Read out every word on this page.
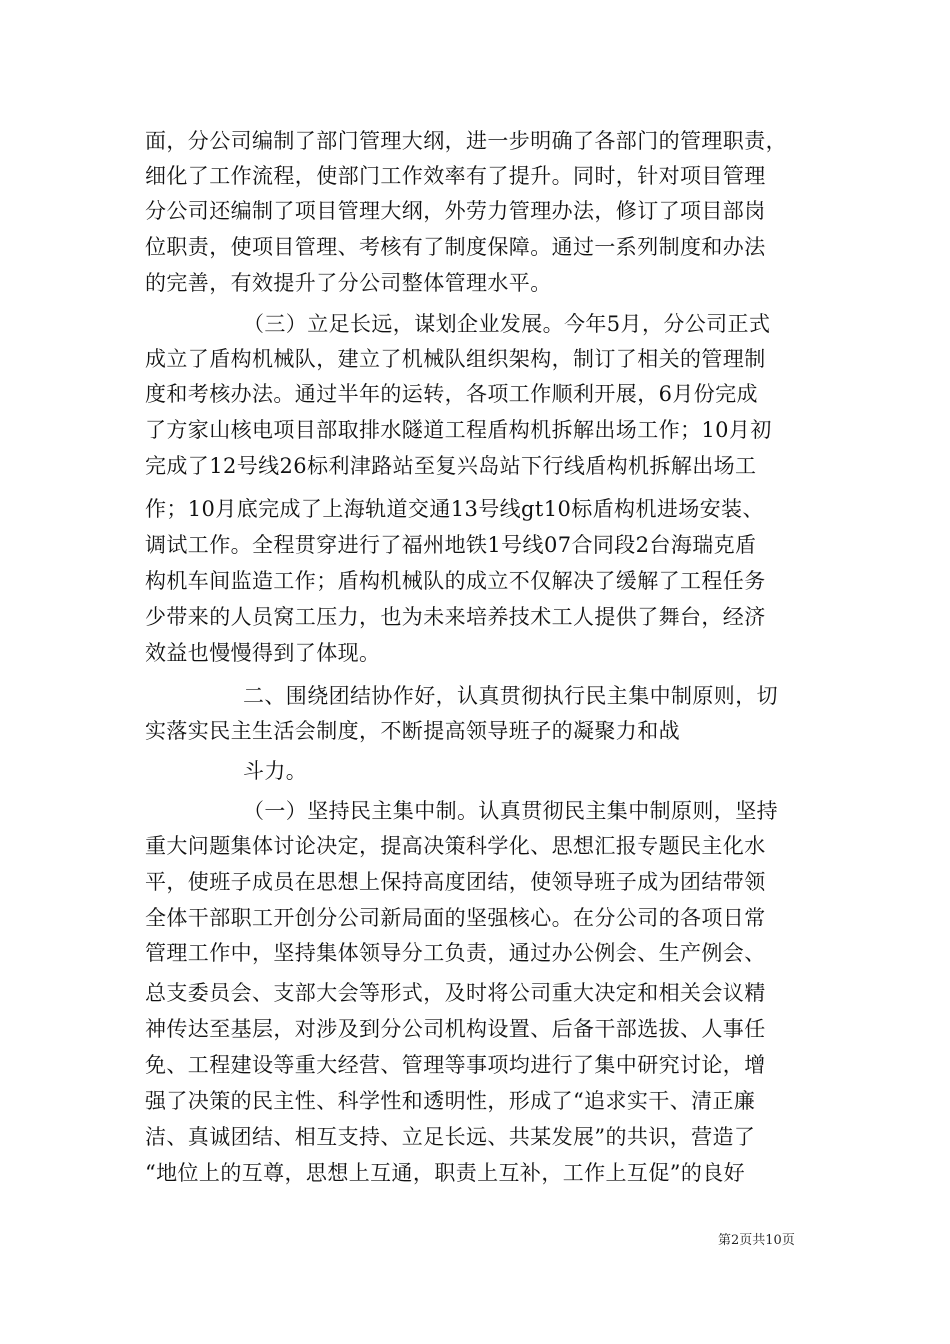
面，分公司编制了部门管理大纲，进一步明确了各部门的管理职责，
细化了工作流程，使部门工作效率有了提升。同时，针对项目管理
分公司还编制了项目管理大纲，外劳力管理办法，修订了项目部岗
位职责，使项目管理、考核有了制度保障。通过一系列制度和办法
的完善，有效提升了分公司整体管理水平。
（三）立足长远，谋划企业发展。今年5月，分公司正式
成立了盾构机械队，建立了机械队组织架构，制订了相关的管理制
度和考核办法。通过半年的运转，各项工作顺利开展，6月份完成
了方家山核电项目部取排水隧道工程盾构机拆解出场工作；10月初
完成了12号线26标利津路站至复兴岛站下行线盾构机拆解出场工
作；10月底完成了上海轨道交通13号线gt10标盾构机进场安装、
调试工作。全程贯穿进行了福州地铁1号线07合同段2台海瑞克盾
构机车间监造工作；盾构机械队的成立不仅解决了缓解了工程任务
少带来的人员窝工压力，也为未来培养技术工人提供了舞台，经济
效益也慢慢得到了体现。
二、围绕团结协作好，认真贯彻执行民主集中制原则，切
实落实民主生活会制度，不断提高领导班子的凝聚力和战
斗力。
（一）坚持民主集中制。认真贯彻民主集中制原则，坚持
重大问题集体讨论决定，提高决策科学化、思想汇报专题民主化水
平，使班子成员在思想上保持高度团结，使领导班子成为团结带领
全体干部职工开创分公司新局面的坚强核心。在分公司的各项日常
管理工作中，坚持集体领导分工负责，通过办公例会、生产例会、
总支委员会、支部大会等形式，及时将公司重大决定和相关会议精
神传达至基层，对涉及到分公司机构设置、后备干部选拔、人事任
免、工程建设等重大经营、管理等事项均进行了集中研究讨论，增
强了决策的民主性、科学性和透明性，形成了“追求实干、清正廉
洁、真诚团结、相互支持、立足长远、共某发展”的共识，营造了
“地位上的互尊，思想上互通，职责上互补，工作上互促”的良好
第2页共10页
